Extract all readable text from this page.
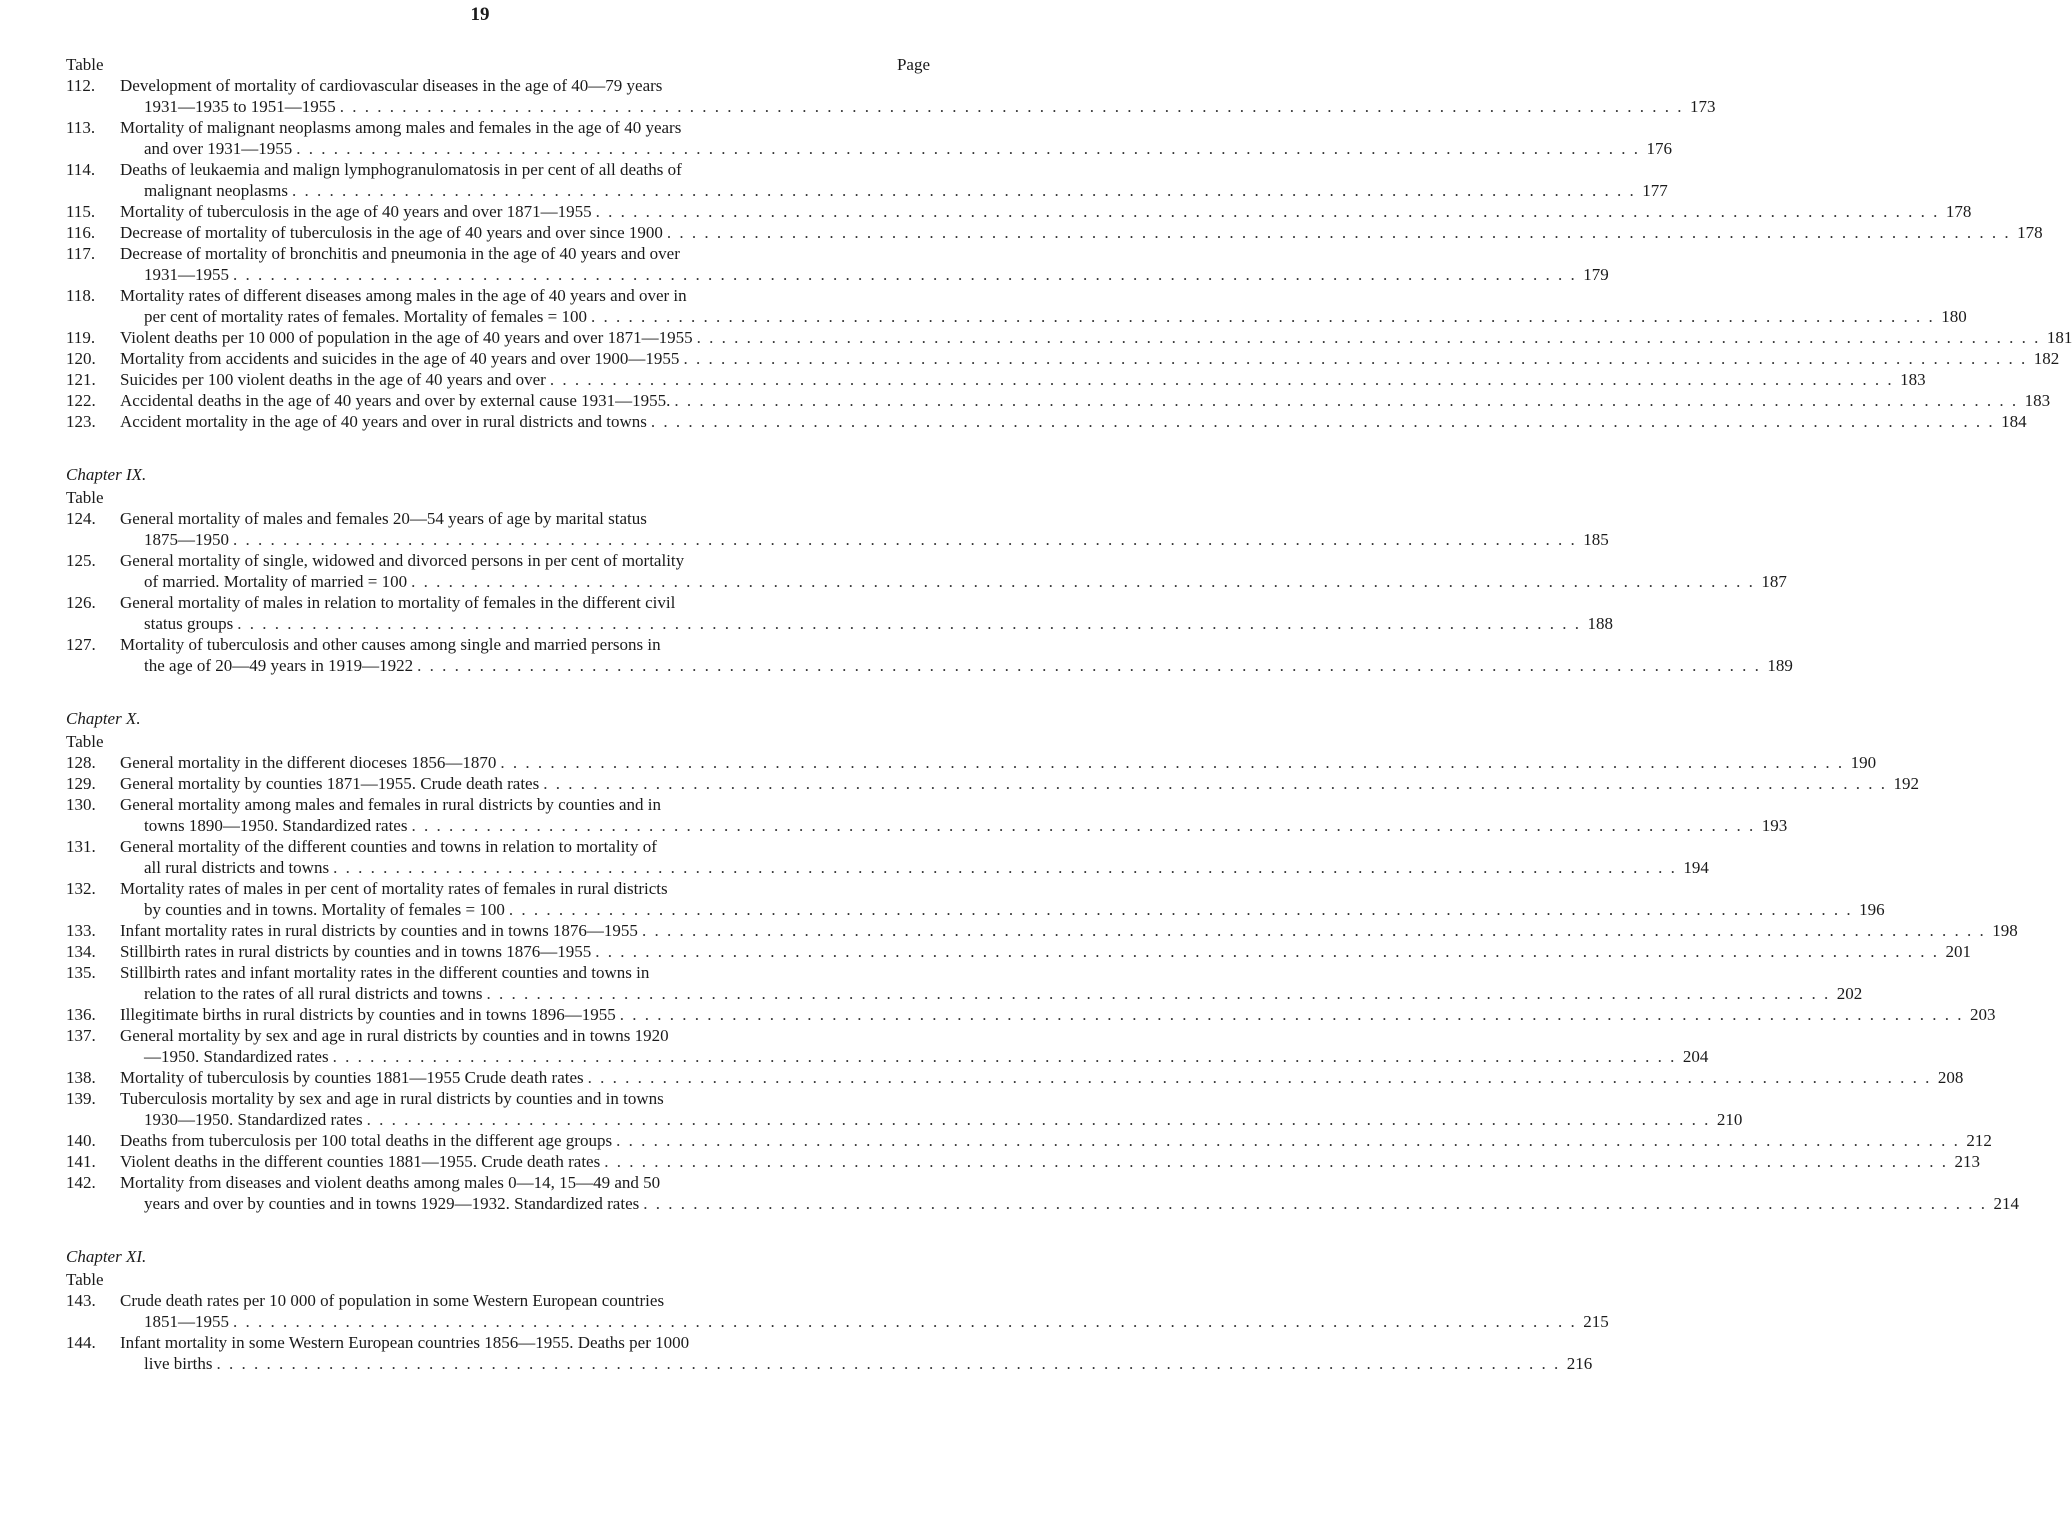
19
Table	Page
112.	Development of mortality of cardiovascular diseases in the age of 40—79 years
1931—1935 to 1951—1955 . . .	173
113.	Mortality of malignant neoplasms among males and females in the age of 40 years
and over 1931—1955 . . .	176
114.	Deaths of leukaemia and malign lymphogranulomatosis in per cent of all deaths of
malignant neoplasms . . .	177
115.	Mortality of tuberculosis in the age of 40 years and over 1871—1955 . . .	178
116.	Decrease of mortality of tuberculosis in the age of 40 years and over since 1900 . . .	178
117.	Decrease of mortality of bronchitis and pneumonia in the age of 40 years and over
1931—1955 . . .	179
118.	Mortality rates of different diseases among males in the age of 40 years and over in
per cent of mortality rates of females. Mortality of females = 100 . . .	180
119.	Violent deaths per 10 000 of population in the age of 40 years and over 1871—1955 . . .	181
120.	Mortality from accidents and suicides in the age of 40 years and over 1900—1955 . . .	182
121.	Suicides per 100 violent deaths in the age of 40 years and over . . .	183
122.	Accidental deaths in the age of 40 years and over by external cause 1931—1955. . . .	183
123.	Accident mortality in the age of 40 years and over in rural districts and towns . . .	184
Chapter IX.
Table
124.	General mortality of males and females 20—54 years of age by marital status
1875—1950 . . .	185
125.	General mortality of single, widowed and divorced persons in per cent of mortality
of married. Mortality of married = 100 . . .	187
126.	General mortality of males in relation to mortality of females in the different civil
status groups . . .	188
127.	Mortality of tuberculosis and other causes among single and married persons in
the age of 20—49 years in 1919—1922 . . .	189
Chapter X.
Table
128.	General mortality in the different dioceses 1856—1870 . . .	190
129.	General mortality by counties 1871—1955. Crude death rates . . .	192
130.	General mortality among males and females in rural districts by counties and in
towns 1890—1950. Standardized rates . . .	193
131.	General mortality of the different counties and towns in relation to mortality of
all rural districts and towns . . .	194
132.	Mortality rates of males in per cent of mortality rates of females in rural districts
by counties and in towns. Mortality of females = 100 . . .	196
133.	Infant mortality rates in rural districts by counties and in towns 1876—1955 . . .	198
134.	Stillbirth rates in rural districts by counties and in towns 1876—1955 . . .	201
135.	Stillbirth rates and infant mortality rates in the different counties and towns in
relation to the rates of all rural districts and towns . . .	202
136.	Illegitimate births in rural districts by counties and in towns 1896—1955 . . .	203
137.	General mortality by sex and age in rural districts by counties and in towns 1920
—1950. Standardized rates . . .	204
138.	Mortality of tuberculosis by counties 1881—1955 Crude death rates . . .	208
139.	Tuberculosis mortality by sex and age in rural districts by counties and in towns
1930—1950. Standardized rates . . .	210
140.	Deaths from tuberculosis per 100 total deaths in the different age groups . . .	212
141.	Violent deaths in the different counties 1881—1955. Crude death rates . . .	213
142.	Mortality from diseases and violent deaths among males 0—14, 15—49 and 50
years and over by counties and in towns 1929—1932. Standardized rates . . .	214
Chapter XI.
Table
143.	Crude death rates per 10 000 of population in some Western European countries
1851—1955 . . .	215
144.	Infant mortality in some Western European countries 1856—1955. Deaths per 1000
live births . . .	216
